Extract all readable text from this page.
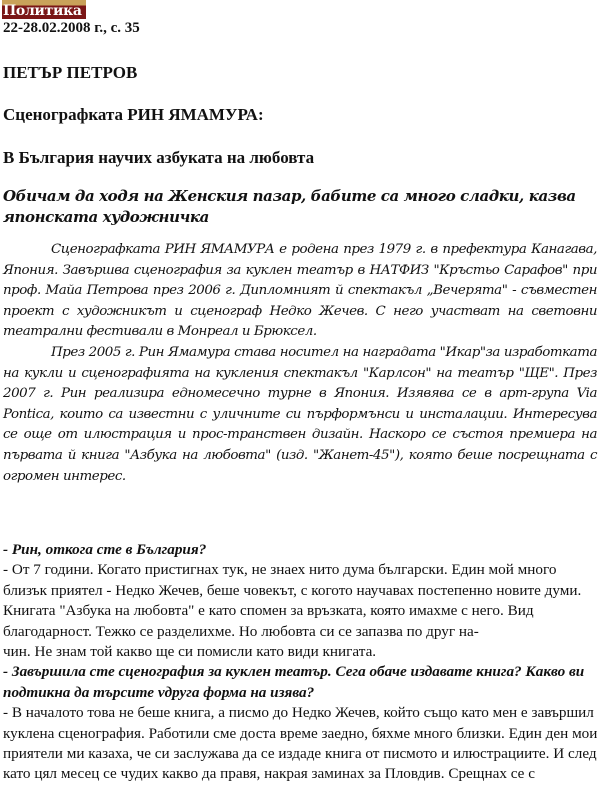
Политика
22-28.02.2008 г., с. 35
ПЕТЪР ПЕТРОВ
Сценографката РИН ЯМАМУРА:
В България научих азбуката на любовта
Обичам да ходя на Женския пазар, бабите са много сладки, казва японската художничка

Сценографката РИН ЯМАМУРА е родена през 1979 г. в префектура Канагава, Япония. Завършва сценография за куклен театър в НАТФИЗ "Кръстьо Сарафов" при проф. Майа Петрова през 2006 г. Дипломният й спектакъл „Вечерята" - съвместен проект с художникът и сценограф Недко Жечев. С него участват на световни театрални фестивали в Монреал и Брюксел.

През 2005 г. Рин Ямамура става носител на наградата "Икар"за изработката на кукли и сценографията на кукления спектакъл "Карлсон" на театър "ЩЕ". През 2007 г. Рин реализира едномесечно турне в Япония. Изявява се в арт-група Via Pontica, които са известни с уличните си пърформънси и инсталации. Интересува се още от илюстрация и прос-транствен дизайн. Наскоро се състоя премиера на първата й книга "Азбука на любовта" (изд. "Жанет-45"), която беше посрещната с огромен интерес.

- Рин, откога сте в България?

- От 7 години. Когато пристигнах тук, не знаех нито дума български. Един мой много близък приятел - Недко Жечев, беше човекът, с когото научавах постепенно новите думи. Книгата "Азбука на любовта" е като спомен за връзката, която имахме с него. Вид благодарност. Тежко се разделихме. Но любовта си се запазва по друг на-

чин. Не знам той какво ще си помисли като види книгата.

- Завършила сте сценография за куклен театър. Сега обаче издавате книга? Какво ви подтикна да търсите vдруга форма на изява?

- В началото това не беше книга, а писмо до Недко Жечев, който също като мен е завършил куклена сценография. Работили сме доста време заедно, бяхме много близки. Един ден мои приятели ми казаха, че си заслужава да се издаде книга от писмото и илюстрациите. И след като цял месец се чудих какво да правя, накрая заминах за Пловдив. Срещнах се с
